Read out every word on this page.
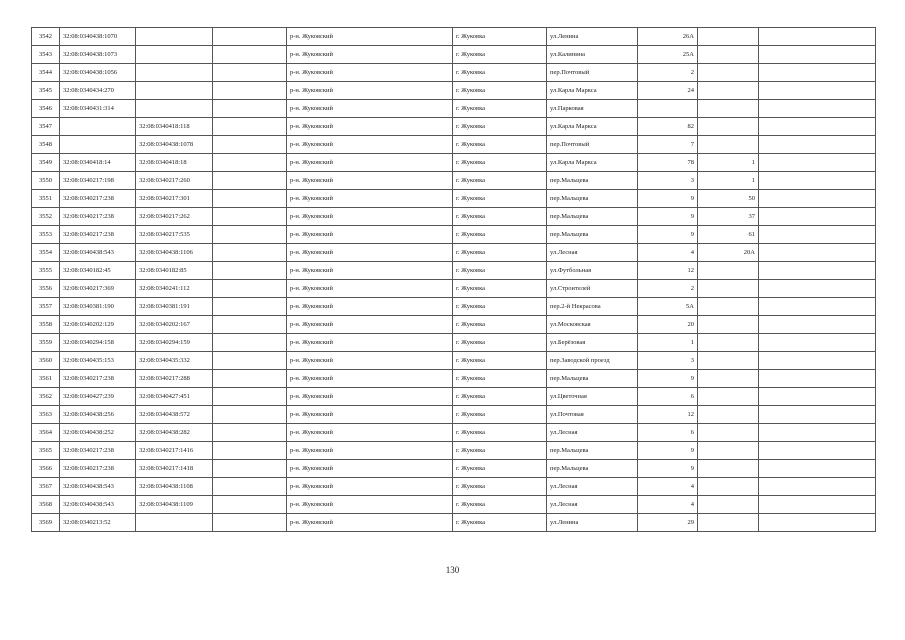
3542	32:08:0340438:1070			р-н. Жуковский	г. Жуковка	ул.Ленина	26А		
3543	32:08:0340438:1073			р-н. Жуковский	г. Жуковка	ул.Калинина	25А		
3544	32:08:0340438:1056			р-н. Жуковский	г. Жуковка	пер.Почтовый	2		
3545	32:08:0340434:270			р-н. Жуковский	г. Жуковка	ул.Карла Маркса	24		
3546	32:08:0340431:314			р-н. Жуковский	г. Жуковка	ул.Парковая			
3547		32:08:0340418:118		р-н. Жуковский	г. Жуковка	ул.Карла Маркса	82		
3548		32:08:0340438:1078		р-н. Жуковский	г. Жуковка	пер.Почтовый	7		
3549	32:08:0340418:14	32:08:0340418:18		р-н. Жуковский	г. Жуковка	ул.Карла Маркса	78	1	
3550	32:08:0340217:198	32:08:0340217:260		р-н. Жуковский	г. Жуковка	пер.Мальцева	3	1	
3551	32:08:0340217:238	32:08:0340217:301		р-н. Жуковский	г. Жуковка	пер.Мальцева	9	50	
3552	32:08:0340217:238	32:08:0340217:262		р-н. Жуковский	г. Жуковка	пер.Мальцева	9	37	
3553	32:08:0340217:238	32:08:0340217:535		р-н. Жуковский	г. Жуковка	пер.Мальцева	9	61	
3554	32:08:0340438:543	32:08:0340438:1106		р-н. Жуковский	г. Жуковка	ул.Лесная	4	20А	
3555	32:08:0340182:45	32:08:0340182:85		р-н. Жуковский	г. Жуковка	ул.Футбольная	12		
3556	32:08:0340217:369	32:08:0340241:112		р-н. Жуковский	г. Жуковка	ул.Строителей	2		
3557	32:08:0340381:190	32:08:0340381:191		р-н. Жуковский	г. Жуковка	пер.2-й Некрасова	5А		
3558	32:08:0340202:129	32:08:0340202:167		р-н. Жуковский	г. Жуковка	ул.Московская	20		
3559	32:08:0340294:158	32:08:0340294:159		р-н. Жуковский	г. Жуковка	ул.Берёзовая	1		
3560	32:08:0340435:153	32:08:0340435:332		р-н. Жуковский	г. Жуковка	пер.Заводской проезд	3		
3561	32:08:0340217:238	32:08:0340217:288		р-н. Жуковский	г. Жуковка	пер.Мальцева	9		
3562	32:08:0340427:239	32:08:0340427:451		р-н. Жуковский	г. Жуковка	ул.Цветочная	6		
3563	32:08:0340438:256	32:08:0340438:572		р-н. Жуковский	г. Жуковка	ул.Почтовая	12		
3564	32:08:0340438:252	32:08:0340438:282		р-н. Жуковский	г. Жуковка	ул.Лесная	6		
3565	32:08:0340217:238	32:08:0340217:1416		р-н. Жуковский	г. Жуковка	пер.Мальцева	9		
3566	32:08:0340217:238	32:08:0340217:1418		р-н. Жуковский	г. Жуковка	пер.Мальцева	9		
3567	32:08:0340438:543	32:08:0340438:1108		р-н. Жуковский	г. Жуковка	ул.Лесная	4		
3568	32:08:0340438:543	32:08:0340438:1109		р-н. Жуковский	г. Жуковка	ул.Лесная	4		
3569	32:08:0340213:52			р-н. Жуковский	г. Жуковка	ул.Ленина	29		
130
